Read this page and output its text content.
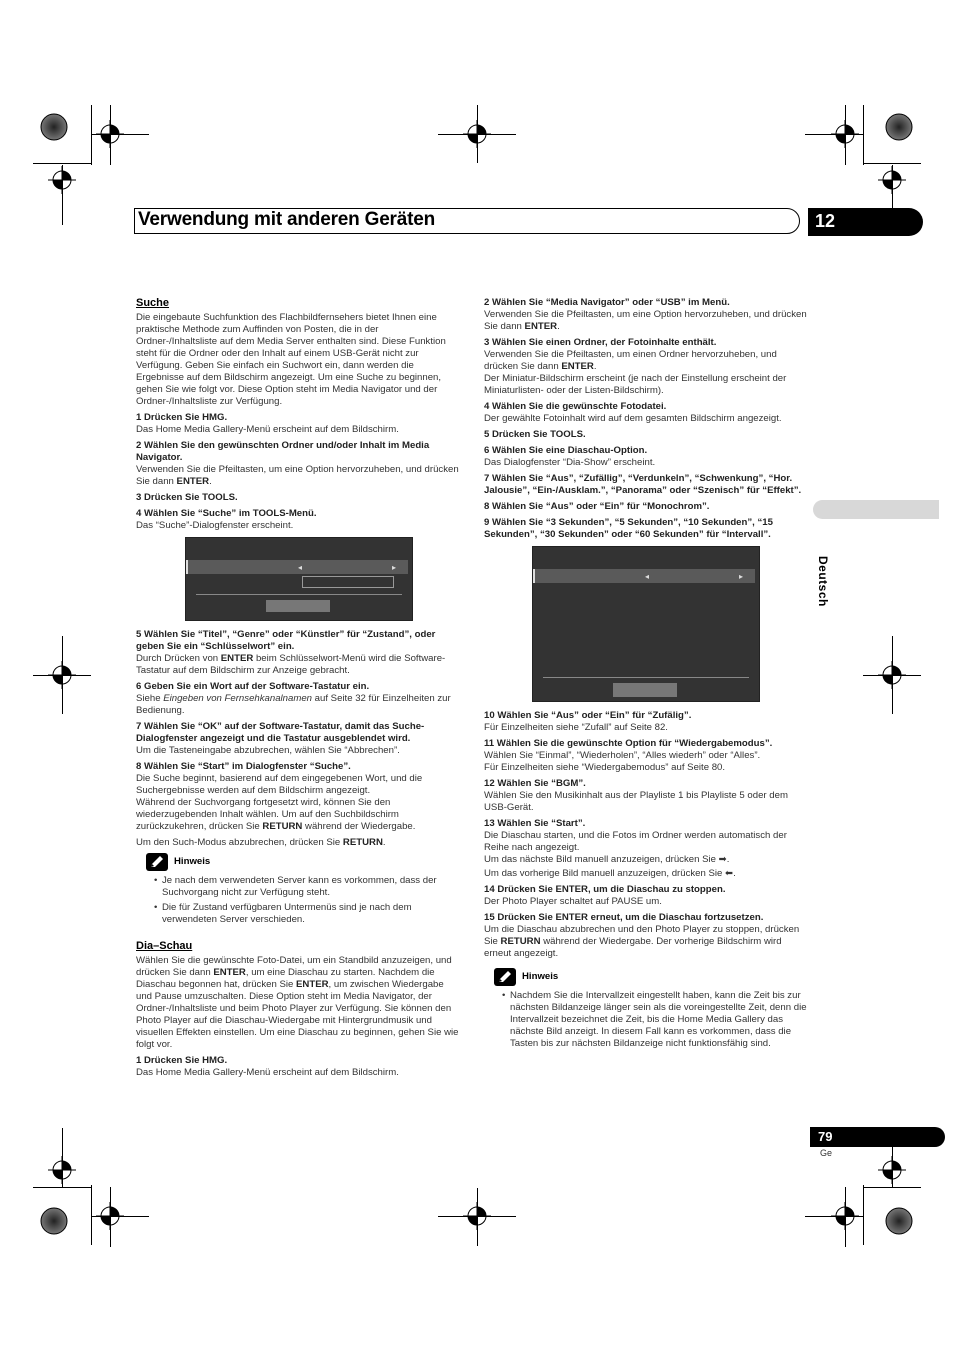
Verwendung mit anderen Geräten	12
Deutsch
Suche

Die eingebaute Suchfunktion des Flachbildfernsehers bietet Ihnen eine praktische Methode zum Auffinden von Posten, die in der Ordner-/Inhaltsliste auf dem Media Server enthalten sind. Diese Funktion steht für die Ordner oder den Inhalt auf einem USB-Gerät nicht zur Verfügung. Geben Sie einfach ein Suchwort ein, dann werden die Ergebnisse auf dem Bildschirm angezeigt. Um eine Suche zu beginnen, gehen Sie wie folgt vor. Diese Option steht im Media Navigator und der Ordner-/Inhaltsliste zur Verfügung.

1 Drücken Sie HMG.

Das Home Media Gallery-Menü erscheint auf dem Bildschirm.

2 Wählen Sie den gewünschten Ordner und/oder Inhalt im Media Navigator.

Verwenden Sie die Pfeiltasten, um eine Option hervorzuheben, und drücken Sie dann ENTER.

3 Drücken Sie TOOLS.
4 Wählen Sie “Suche” im TOOLS-Menü.

Das “Suche”-Dialogfenster erscheint.

◂	▸
5 Wählen Sie “Titel”, “Genre” oder “Künstler” für “Zustand”, oder geben Sie ein “Schlüsselwort” ein.

Durch Drücken von ENTER beim Schlüsselwort-Menü wird die Software-Tastatur auf dem Bildschirm zur Anzeige gebracht.

6 Geben Sie ein Wort auf der Software-Tastatur ein.

Siehe Eingeben von Fernsehkanalnamen auf Seite 32 für Einzelheiten zur Bedienung.

7 Wählen Sie “OK” auf der Software-Tastatur, damit das Suche-Dialogfenster angezeigt und die Tastatur ausgeblendet wird.

Um die Tasteneingabe abzubrechen, wählen Sie “Abbrechen”.

8 Wählen Sie “Start” im Dialogfenster “Suche”.

Die Suche beginnt, basierend auf dem eingegebenen Wort, und die Suchergebnisse werden auf dem Bildschirm angezeigt.

Während der Suchvorgang fortgesetzt wird, können Sie den wiederzugebenden Inhalt wählen. Um auf den Suchbildschirm zurückzukehren, drücken Sie RETURN während der Wiedergabe.

Um den Such-Modus abzubrechen, drücken Sie RETURN.

Hinweis
• Je nach dem verwendeten Server kann es vorkommen, dass der Suchvorgang nicht zur Verfügung steht.
• Die für Zustand verfügbaren Untermenüs sind je nach dem verwendeten Server verschieden.
Dia–Schau

Wählen Sie die gewünschte Foto-Datei, um ein Standbild anzuzeigen, und drücken Sie dann ENTER, um eine Diaschau zu starten. Nachdem die Diaschau begonnen hat, drücken Sie ENTER, um zwischen Wiedergabe und Pause umzuschalten. Diese Option steht im Media Navigator, der Ordner-/Inhaltsliste und beim Photo Player zur Verfügung. Sie können den Photo Player auf die Diaschau-Wiedergabe mit Hintergrundmusik und visuellen Effekten einstellen. Um eine Diaschau zu beginnen, gehen Sie wie folgt vor.

1 Drücken Sie HMG.

Das Home Media Gallery-Menü erscheint auf dem Bildschirm.

2 Wählen Sie “Media Navigator” oder “USB” im Menü.

Verwenden Sie die Pfeiltasten, um eine Option hervorzuheben, und drücken Sie dann ENTER.

3 Wählen Sie einen Ordner, der Fotoinhalte enthält.

Verwenden Sie die Pfeiltasten, um einen Ordner hervorzuheben, und drücken Sie dann ENTER.

Der Miniatur-Bildschirm erscheint (je nach der Einstellung erscheint der Miniaturlisten- oder der Listen-Bildschirm).

4 Wählen Sie die gewünschte Fotodatei.

Der gewählte Fotoinhalt wird auf dem gesamten Bildschirm angezeigt.

5 Drücken Sie TOOLS.
6 Wählen Sie eine Diaschau-Option.

Das Dialogfenster “Dia-Show” erscheint.

7 Wählen Sie “Aus”, “Zufällig”, “Verdunkeln”, “Schwenkung”, “Hor. Jalousie”, “Ein-/Ausklam.”, “Panorama” oder “Szenisch” für “Effekt”.
8 Wählen Sie “Aus” oder “Ein” für “Monochrom”.
9 Wählen Sie “3 Sekunden”, “5 Sekunden”, “10 Sekunden”, “15 Sekunden”, “30 Sekunden” oder “60 Sekunden” für “Intervall”.
◂	▸
10 Wählen Sie “Aus” oder “Ein” für “Zufälig”.

Für Einzelheiten siehe “Zufall” auf Seite 82.

11 Wählen Sie die gewünschte Option für “Wiedergabemodus”.

Wählen Sie “Einmal”, “Wiederholen”, “Alles wiederh” oder “Alles”.
Für Einzelheiten siehe “Wiedergabemodus” auf Seite 80.

12 Wählen Sie “BGM”.

Wählen Sie den Musikinhalt aus der Playliste 1 bis Playliste 5 oder dem USB-Gerät.

13 Wählen Sie “Start”.

Die Diaschau starten, und die Fotos im Ordner werden automatisch der Reihe nach angezeigt.

Um das nächste Bild manuell anzuzeigen, drücken Sie ➡.

Um das vorherige Bild manuell anzuzeigen, drücken Sie ⬅.

14 Drücken Sie ENTER, um die Diaschau zu stoppen.

Der Photo Player schaltet auf PAUSE um.

15 Drücken Sie ENTER erneut, um die Diaschau fortzusetzen.

Um die Diaschau abzubrechen und den Photo Player zu stoppen, drücken Sie RETURN während der Wiedergabe. Der vorherige Bildschirm wird erneut angezeigt.

Hinweis
• Nachdem Sie die Intervallzeit eingestellt haben, kann die Zeit bis zur nächsten Bildanzeige länger sein als die voreingestellte Zeit, denn die Intervallzeit bezeichnet die Zeit, bis die Home Media Gallery das nächste Bild anzeigt. In diesem Fall kann es vorkommen, dass die Tasten bis zur nächsten Bildanzeige nicht funktionsfähig sind.
79
Ge
